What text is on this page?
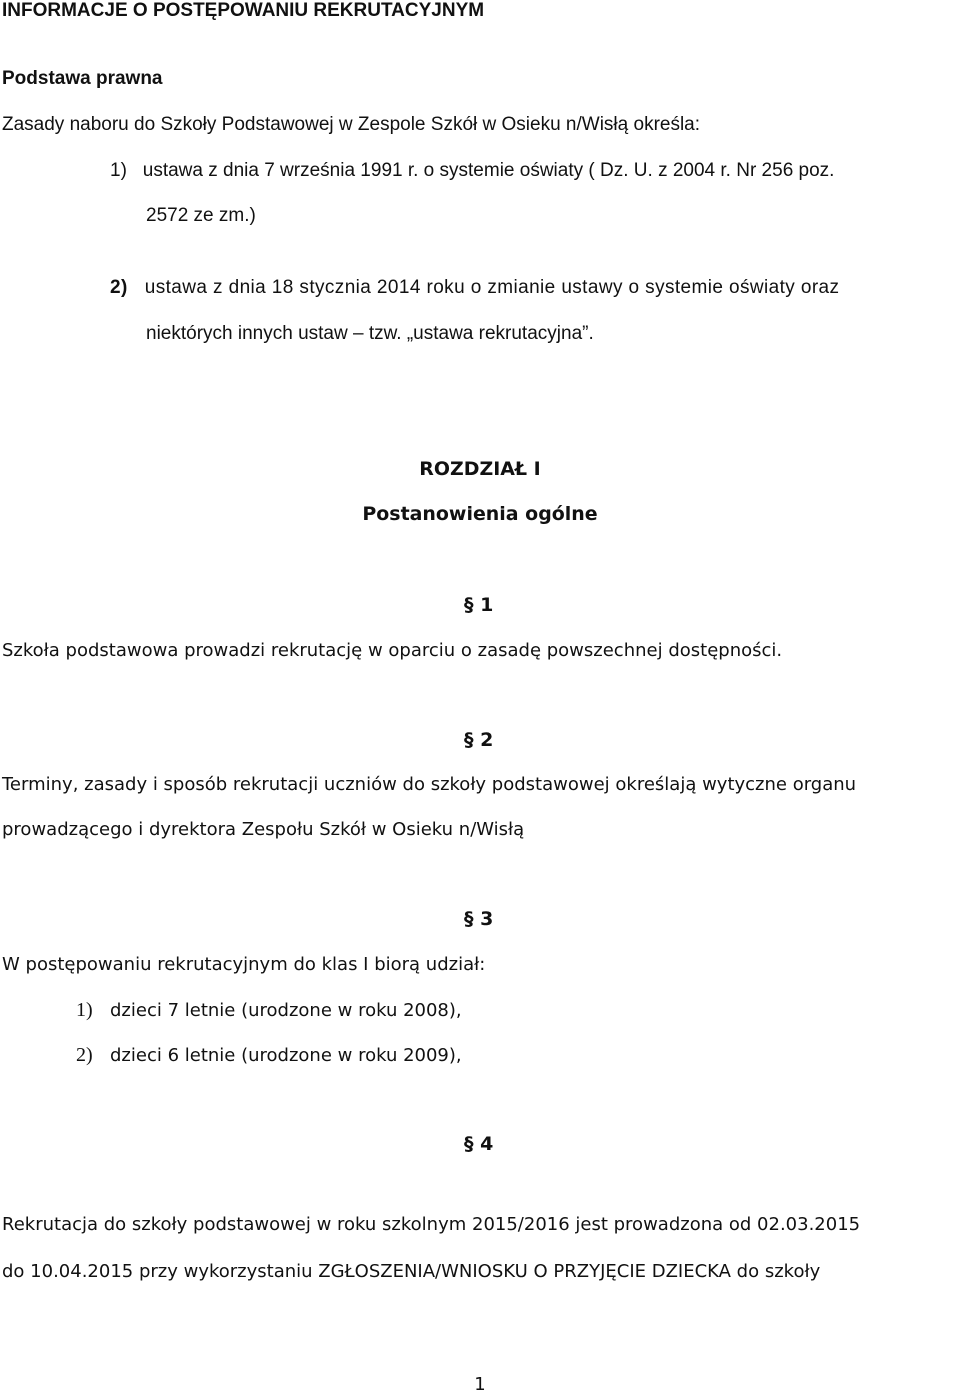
INFORMACJE O POSTĘPOWANIU REKRUTACYJNYM

Podstawa prawna

Zasady naboru do Szkoły Podstawowej w Zespole Szkół w Osieku n/Wisłą określa:

1) ustawa z dnia 7 września 1991 r. o systemie oświaty ( Dz. U. z 2004 r. Nr 256 poz.

2572 ze zm.)

2) ustawa z dnia 18 stycznia 2014 roku o zmianie ustawy o systemie oświaty oraz

niektórych innych ustaw – tzw. „ustawa rekrutacyjna”.

ROZDZIAŁ I

Postanowienia ogólne

§ 1

Szkoła podstawowa prowadzi rekrutację w oparciu o zasadę powszechnej dostępności.

§ 2

Terminy, zasady i sposób rekrutacji uczniów do szkoły podstawowej określają wytyczne organu

prowadzącego i dyrektora Zespołu Szkół w Osieku n/Wisłą

§ 3

W postępowaniu rekrutacyjnym do klas I biorą udział:

1) dzieci 7 letnie (urodzone w roku 2008),

2) dzieci 6 letnie (urodzone w roku 2009),

§ 4

Rekrutacja do szkoły podstawowej w roku szkolnym 2015/2016 jest prowadzona od 02.03.2015

do 10.04.2015 przy wykorzystaniu ZGŁOSZENIA/WNIOSKU O PRZYJĘCIE DZIECKA do szkoły

1
